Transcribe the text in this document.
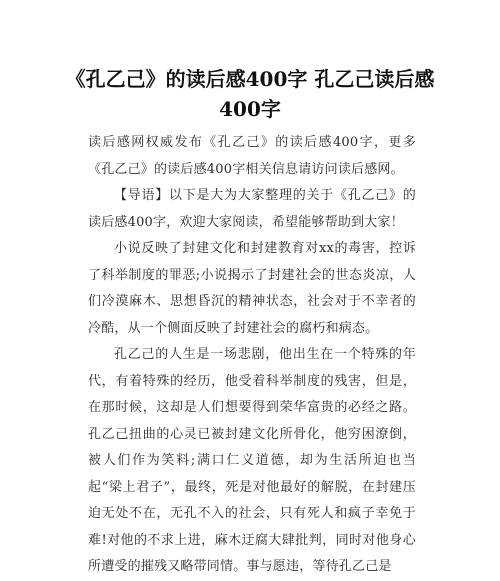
《孔乙己》的读后感400字 孔乙己读后感400字

读后感网权威发布《孔乙己》的读后感400字，更多《孔乙己》的读后感400字相关信息请访问读后感网。

【导语】以下是大为大家整理的关于《孔乙己》的读后感400字，欢迎大家阅读，希望能够帮助到大家！

小说反映了封建文化和封建教育对xx的毒害，控诉了科举制度的罪恶;小说揭示了封建社会的世态炎凉，人们冷漠麻木、思想昏沉的精神状态，社会对于不幸者的冷酷，从一个侧面反映了封建社会的腐朽和病态。

孔乙己的人生是一场悲剧，他出生在一个特殊的年代，有着特殊的经历，他受着科举制度的残害，但是，在那时候，这却是人们想要得到荣华富贵的必经之路。孔乙己扭曲的心灵已被封建文化所骨化，他穷困潦倒，被人们作为笑料;满口仁义道德，却为生活所迫也当起“梁上君子”，最终，死是对他最好的解脱，在封建压迫无处不在，无孔不入的社会，只有死人和疯子幸免于难!对他的不求上进，麻木迂腐大肆批判，同时对他身心所遭受的摧残又略带同情。事与愿违，等待孔乙己是
